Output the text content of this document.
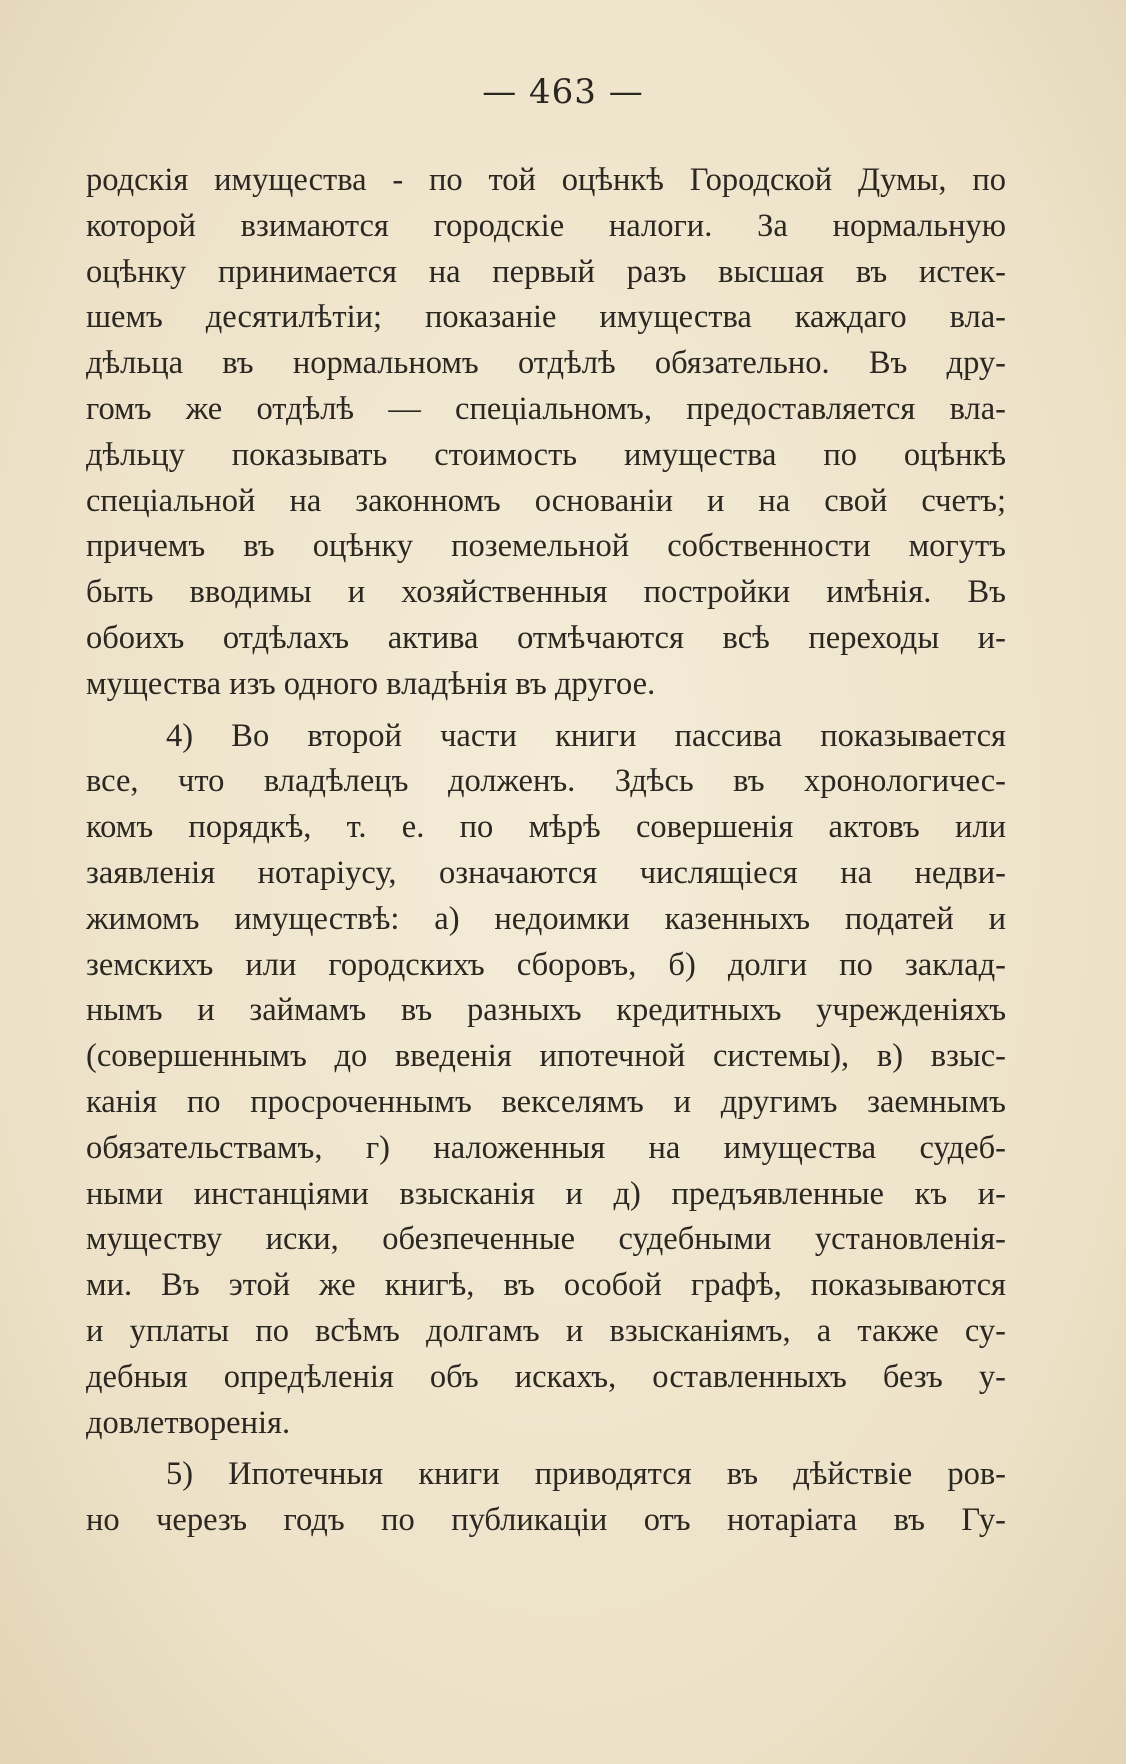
— 463 —
родскія имущества - по той оцѣнкѣ Городской Думы, по
которой взимаются городскіе налоги. За нормальную
оцѣнку принимается на первый разъ высшая въ истек-
шемъ десятилѣтіи; показаніе имущества каждаго вла-
дѣльца въ нормальномъ отдѣлѣ обязательно. Въ дру-
гомъ же отдѣлѣ — спеціальномъ, предоставляется вла-
дѣльцу показывать стоимость имущества по оцѣнкѣ
спеціальной на законномъ основаніи и на свой счетъ;
причемъ въ оцѣнку поземельной собственности могутъ
быть вводимы и хозяйственныя постройки имѣнія. Въ
обоихъ отдѣлахъ актива отмѣчаются всѣ переходы и-
мущества изъ одного владѣнія въ другое.
4) Во второй части книги пассива показывается
все, что владѣлецъ долженъ. Здѣсь въ хронологичес-
комъ порядкѣ, т. е. по мѣрѣ совершенія актовъ или
заявленія нотаріусу, означаются числящіеся на недви-
жимомъ имуществѣ: а) недоимки казенныхъ податей и
земскихъ или городскихъ сборовъ, б) долги по заклад-
нымъ и займамъ въ разныхъ кредитныхъ учрежденіяхъ
(совершеннымъ до введенія ипотечной системы), в) взыс-
канія по просроченнымъ векселямъ и другимъ заемнымъ
обязательствамъ, г) наложенныя на имущества судеб-
ными инстанціями взысканія и д) предъявленные къ и-
муществу иски, обезпеченные судебными установленія-
ми. Въ этой же книгѣ, въ особой графѣ, показываются
и уплаты по всѣмъ долгамъ и взысканіямъ, а также су-
дебныя опредѣленія объ искахъ, оставленныхъ безъ у-
довлетворенія.
5) Ипотечныя книги приводятся въ дѣйствіе ров-
но черезъ годъ по публикаціи отъ нотаріата въ Гу-
